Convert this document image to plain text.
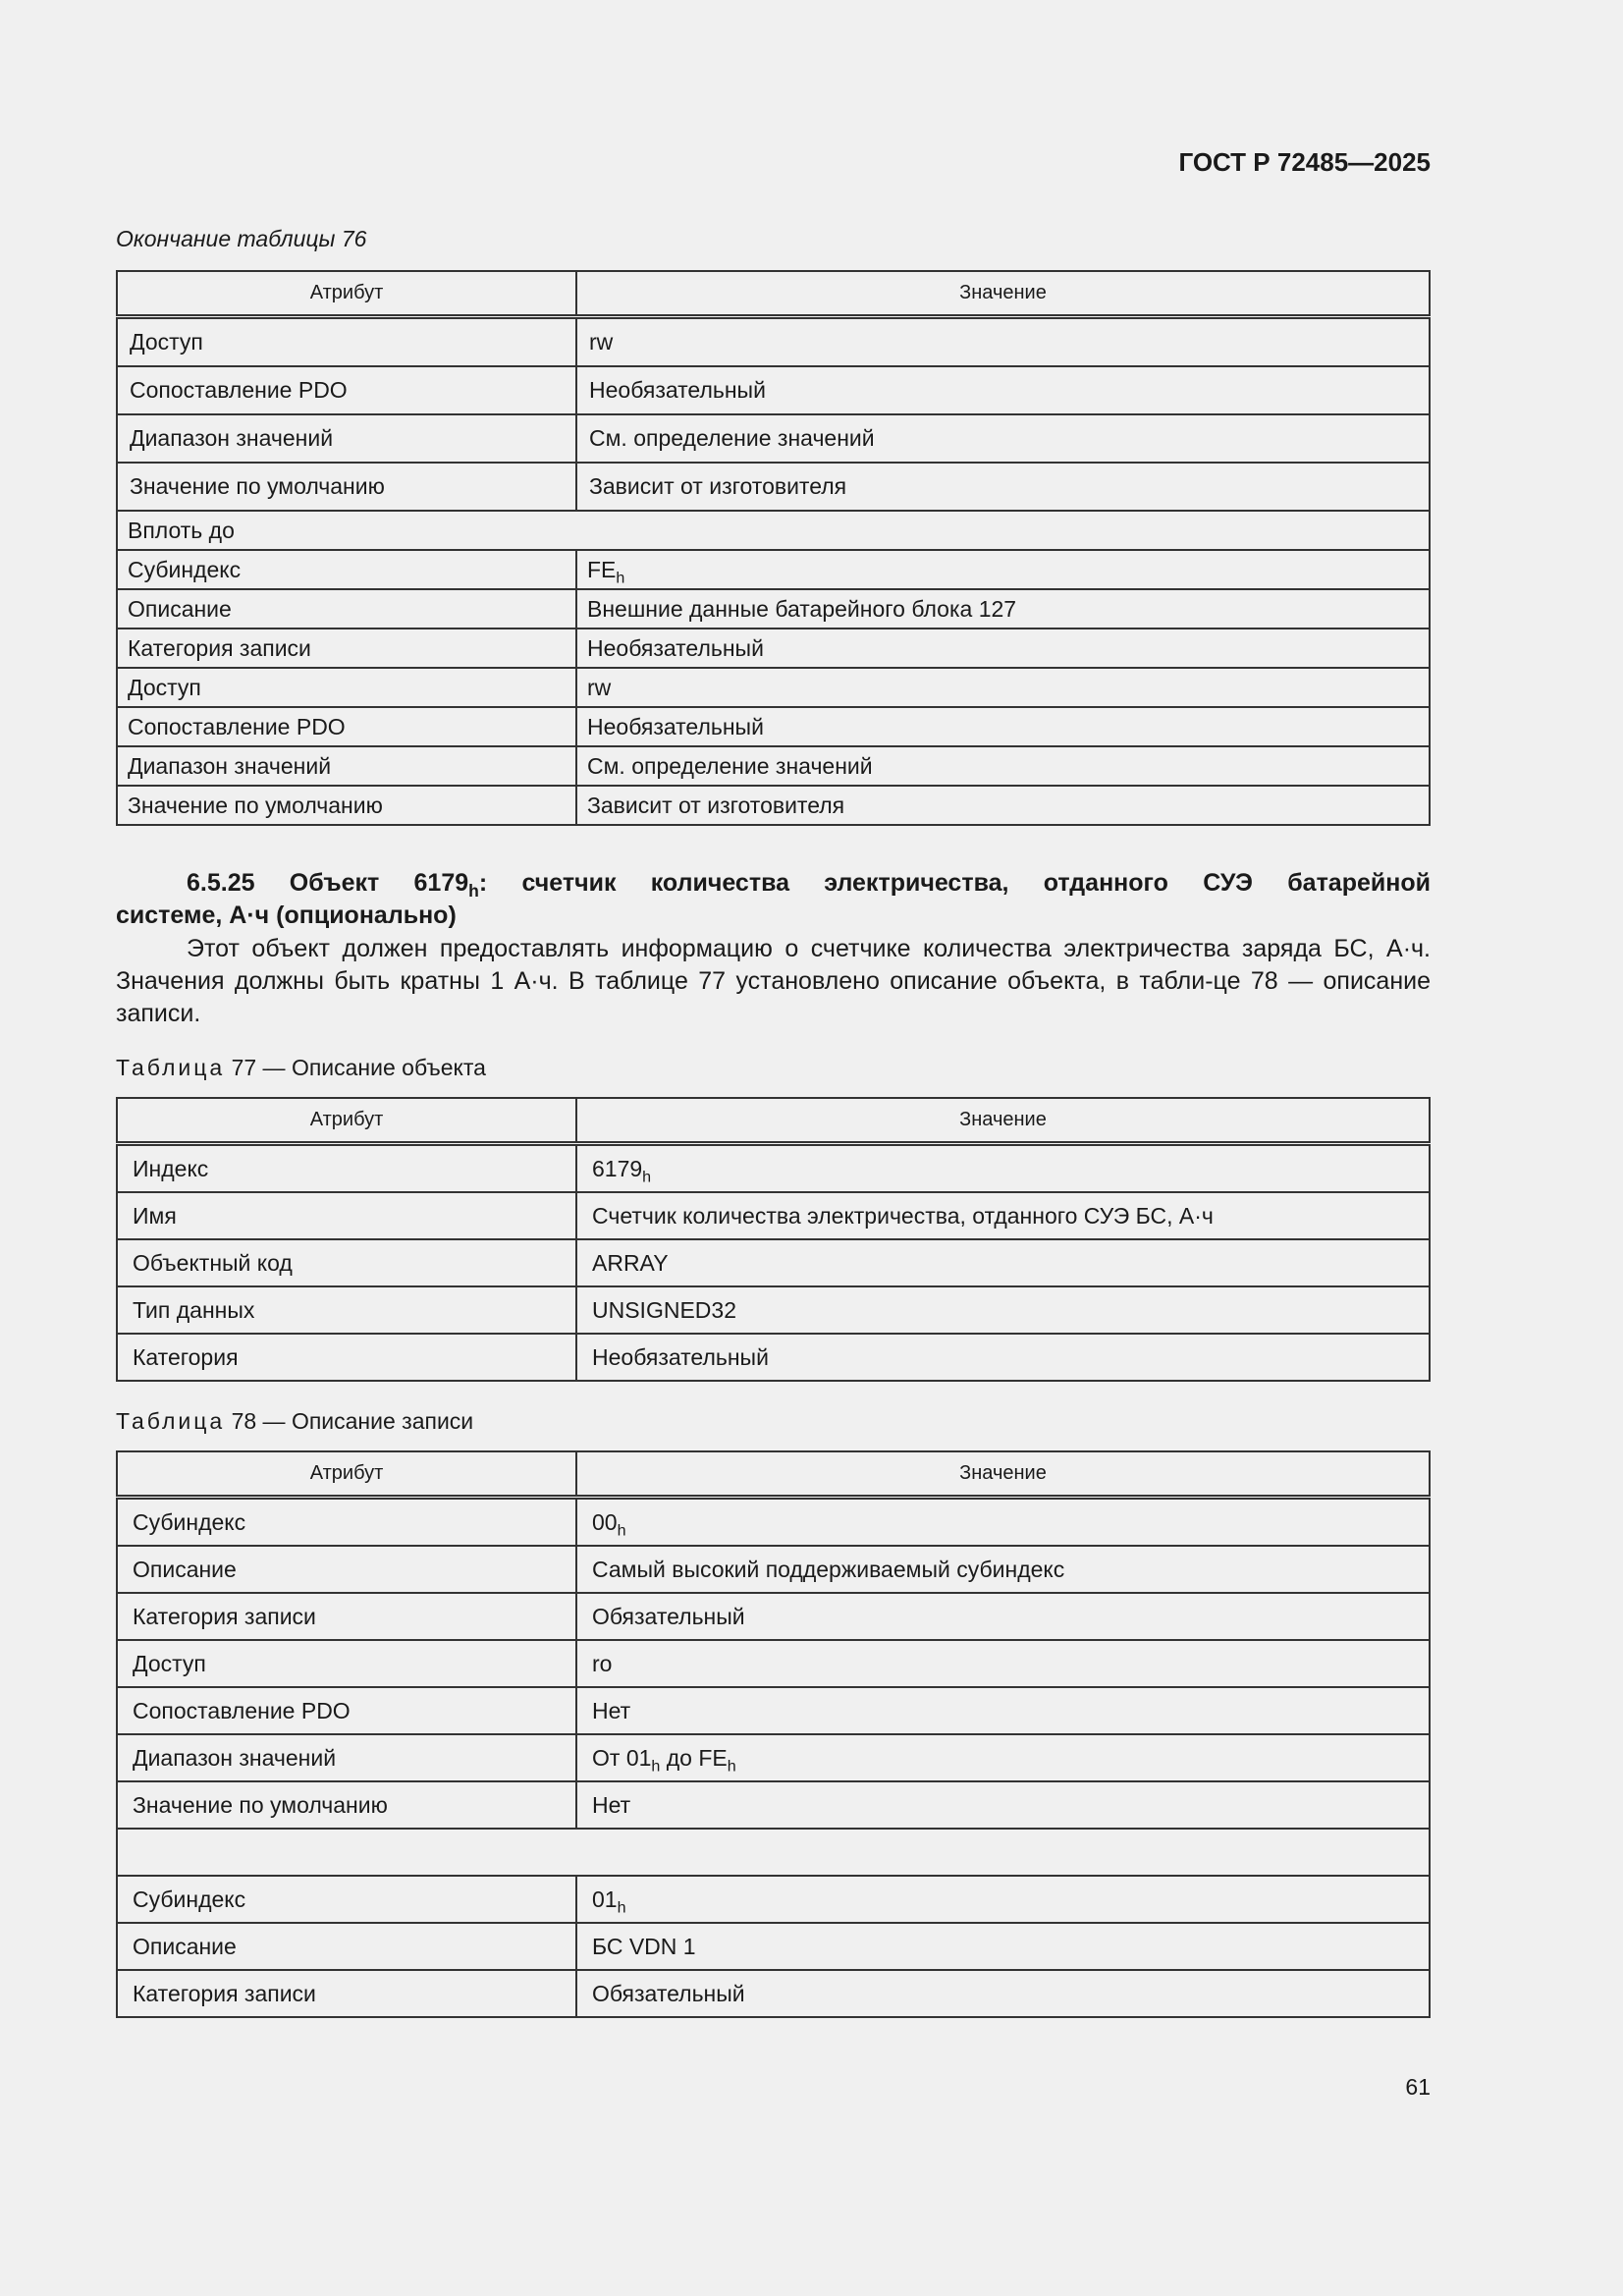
ГОСТ Р 72485—2025
Окончание таблицы 76
Атрибут	Значение
Доступ	rw
Сопоставление PDO	Необязательный
Диапазон значений	См. определение значений
Значение по умолчанию	Зависит от изготовителя
Вплоть до	
Субиндекс	$FE_h$
Описание	Внешние данные батарейного блока 127
Категория записи	Необязательный
Доступ	rw
Сопоставление PDO	Необязательный
Диапазон значений	См. определение значений
Значение по умолчанию	Зависит от изготовителя
6.5.25 Объект $6179_h$: счетчик количества электричества, отданного СУЭ батарейной
системе, А·ч (опционально)
Этот объект должен предоставлять информацию о счетчике количества электричества заряда БС, А·ч. Значения должны быть кратны 1 А·ч. В таблице 77 установлено описание объекта, в табли-це 78 — описание записи.
Таблица 77 — Описание объекта
Атрибут	Значение
Индекс	$6179_h$
Имя	Счетчик количества электричества, отданного СУЭ БС, А·ч
Объектный код	ARRAY
Тип данных	UNSIGNED32
Категория	Необязательный
Таблица 78 — Описание записи
Атрибут	Значение
Субиндекс	$00_h$
Описание	Самый высокий поддерживаемый субиндекс
Категория записи	Обязательный
Доступ	ro
Сопоставление PDO	Нет
Диапазон значений	От $01_h$ до $FE_h$
Значение по умолчанию	Нет

Субиндекс	$01_h$
Описание	БС VDN 1
Категория записи	Обязательный
61
